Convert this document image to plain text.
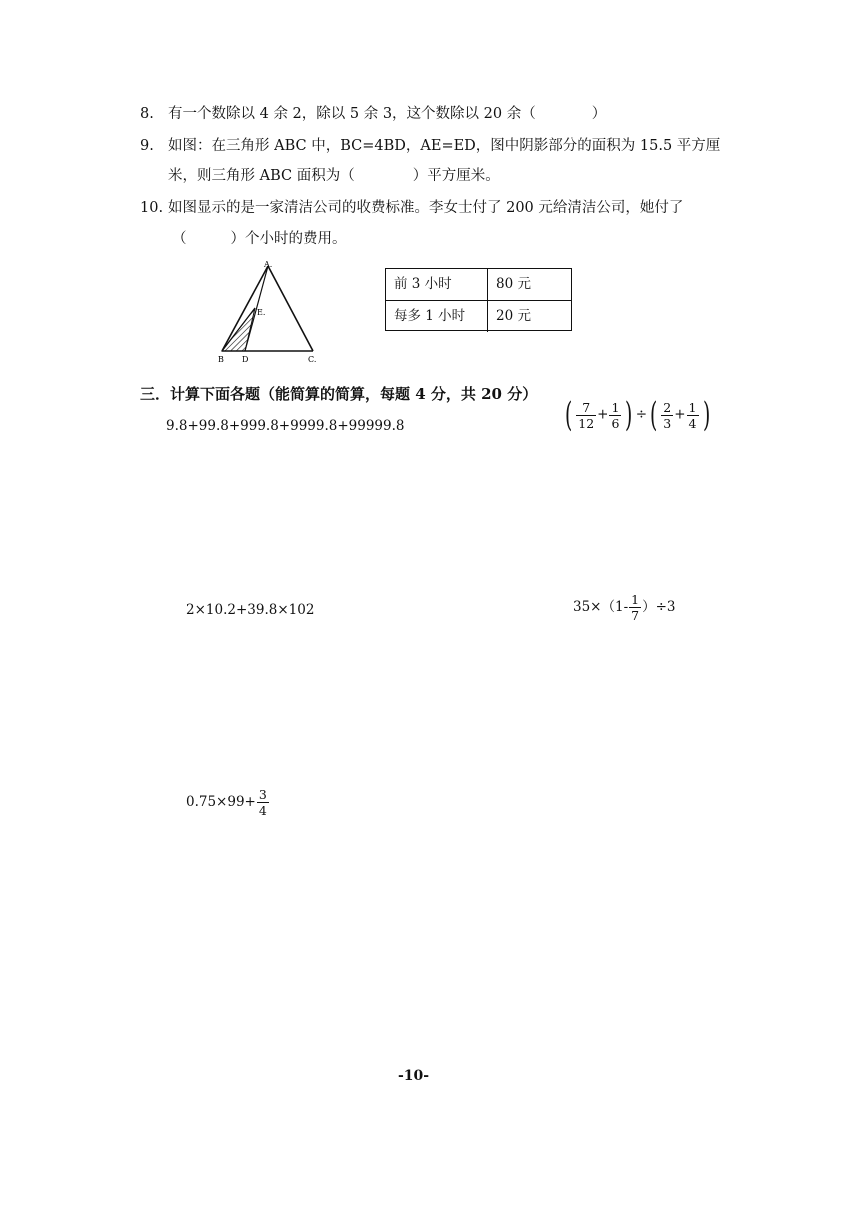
8. 有一个数除以 4 余 2，除以 5 余 3，这个数除以 20 余（	）
9. 如图：在三角形 ABC 中，BC=4BD，AE=ED，图中阴影部分的面积为 15.5 平方厘
米，则三角形 ABC 面积为（	）平方厘米。
10. 如图显示的是一家清洁公司的收费标准。李女士付了 200 元给清洁公司，她付了
（	）个小时的费用。
A.
E.
B D	C.
前 3 小时	80 元
每多 1 小时	20 元
三．计算下面各题（能简算的简算，每题 4 分，共 20 分）
9.8+99.8+999.8+9999.8+99999.8	( $\frac{7}{12} + \frac{1}{6}$ ) ÷( $\frac{2}{3} + \frac{1}{4}$ )
2×10.2+39.8×102	$35\times(1- \frac{1}{7} )\div 3$
$0.75\times 99+ \frac{3}{4}$
-10-
